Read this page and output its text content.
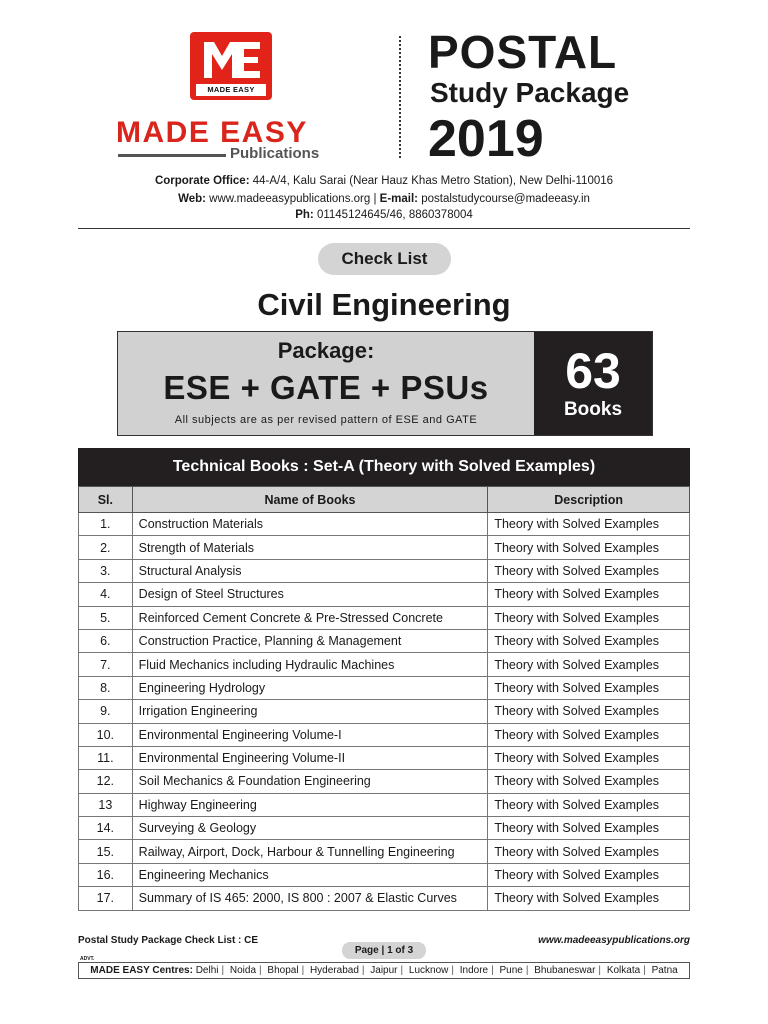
MADE EASY
MADE EASY
Publications
POSTAL
Study Package
2019
Corporate Office: 44-A/4, Kalu Sarai (Near Hauz Khas Metro Station), New Delhi-110016
Web: www.madeeasypublications.org | E-mail: postalstudycourse@madeeasy.in
Ph: 01145124645/46, 8860378004
Check List
Civil Engineering
Package:
ESE + GATE + PSUs
All subjects are as per revised pattern of ESE and GATE
63
Books
Technical Books : Set-A (Theory with Solved Examples)
Sl.	Name of Books	Description
1.	Construction Materials	Theory with Solved Examples
2.	Strength of Materials	Theory with Solved Examples
3.	Structural Analysis	Theory with Solved Examples
4.	Design of Steel Structures	Theory with Solved Examples
5.	Reinforced Cement Concrete & Pre-Stressed Concrete	Theory with Solved Examples
6.	Construction Practice, Planning & Management	Theory with Solved Examples
7.	Fluid Mechanics including Hydraulic Machines	Theory with Solved Examples
8.	Engineering Hydrology	Theory with Solved Examples
9.	Irrigation Engineering	Theory with Solved Examples
10.	Environmental Engineering Volume-I	Theory with Solved Examples
11.	Environmental Engineering Volume-II	Theory with Solved Examples
12.	Soil Mechanics & Foundation Engineering	Theory with Solved Examples
13	Highway Engineering	Theory with Solved Examples
14.	Surveying & Geology	Theory with Solved Examples
15.	Railway, Airport, Dock, Harbour & Tunnelling Engineering	Theory with Solved Examples
16.	Engineering Mechanics	Theory with Solved Examples
17.	Summary of IS 465: 2000, IS 800 : 2007 & Elastic Curves	Theory with Solved Examples
Postal Study Package Check List : CE	www.madeeasypublications.org
Page | 1 of 3
ADVT.
MADE EASY Centres: Delhi | Noida | Bhopal | Hyderabad | Jaipur | Lucknow | Indore | Pune | Bhubaneswar | Kolkata | Patna
